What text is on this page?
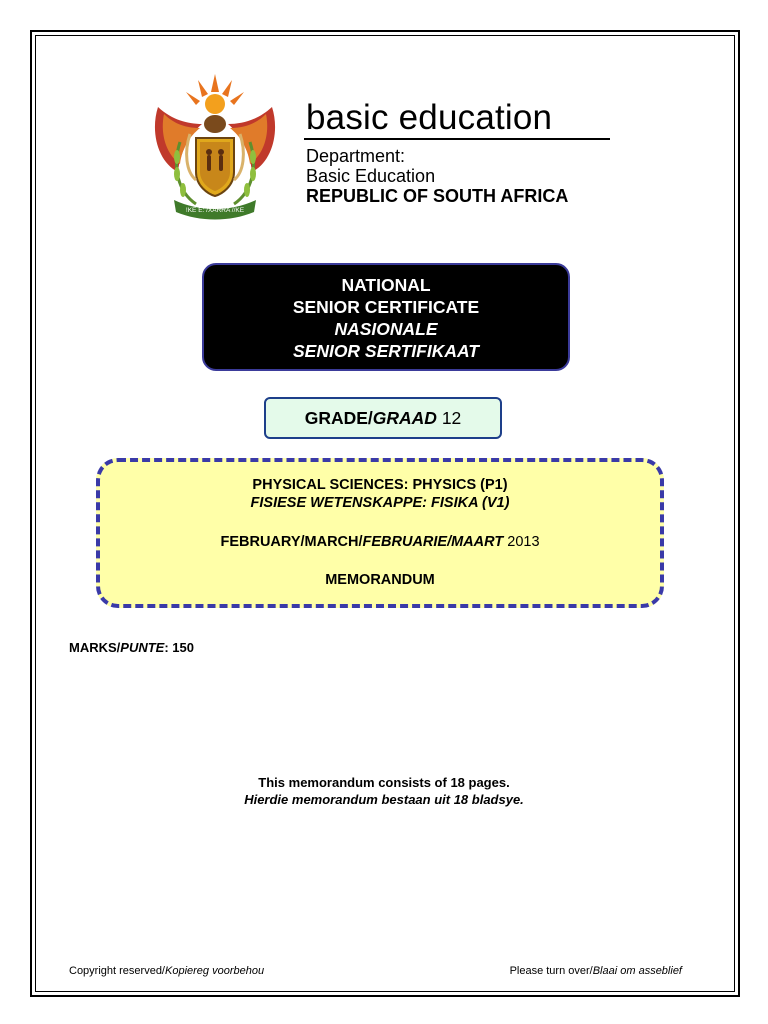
!KE E: /XARRA //KE
basic education
Department:
Basic Education
REPUBLIC OF SOUTH AFRICA
NATIONAL
SENIOR CERTIFICATE
NASIONALE
SENIOR SERTIFIKAAT
GRADE/GRAAD 12
PHYSICAL SCIENCES: PHYSICS (P1)
FISIESE WETENSKAPPE: FISIKA (V1)
FEBRUARY/MARCH/FEBRUARIE/MAART 2013
MEMORANDUM
MARKS/PUNTE: 150
This memorandum consists of 18 pages.
Hierdie memorandum bestaan uit 18 bladsye.
Copyright reserved/Kopiereg voorbehou	Please turn over/Blaai om asseblief
